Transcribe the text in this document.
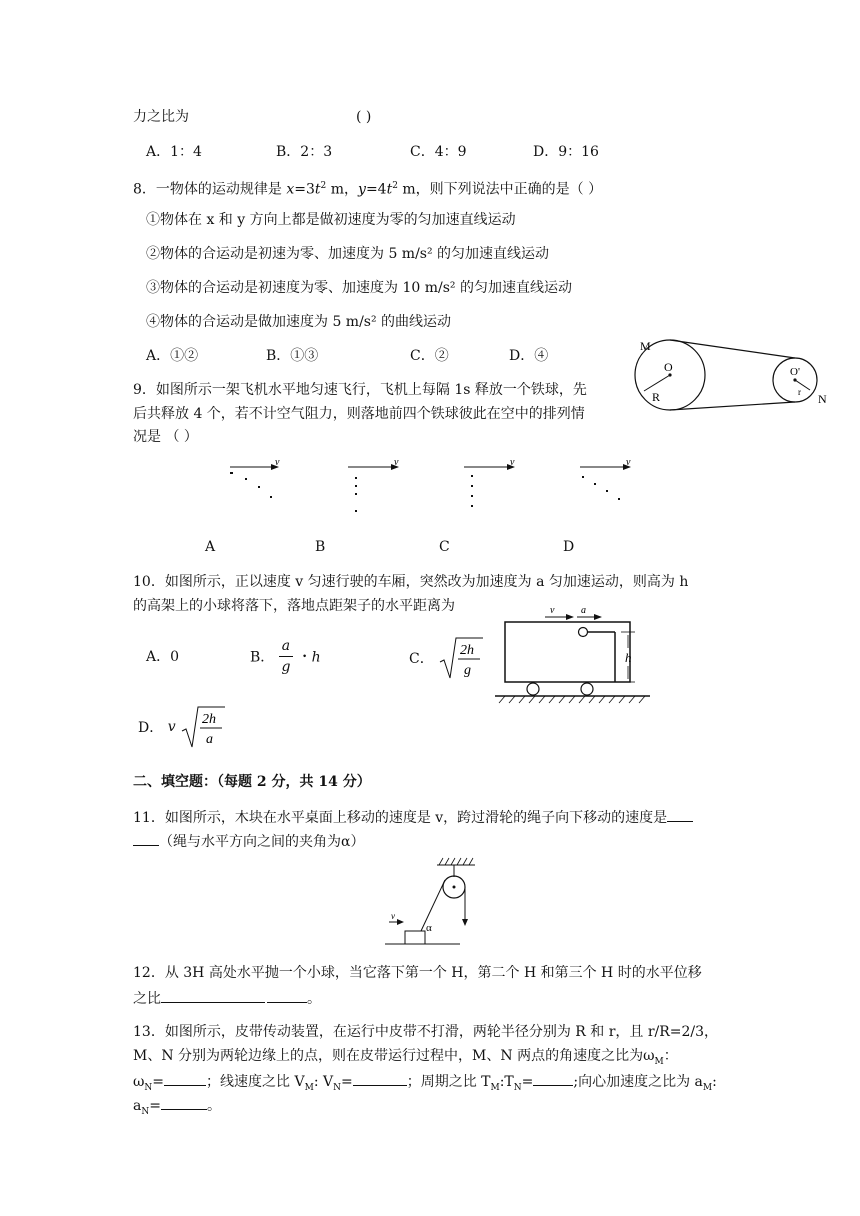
力之比为	( )
A．1：4	B．2：3	C．4：9	D．9：16
8．一物体的运动规律是 $x=3t^2$ m，$y=4t^2$ m，则下列说法中正确的是（ ）
①物体在 x 和 y 方向上都是做初速度为零的匀加速直线运动
②物体的合运动是初速为零、加速度为 5 m/s² 的匀加速直线运动
③物体的合运动是初速度为零、加速度为 10 m/s² 的匀加速直线运动
④物体的合运动是做加速度为 5 m/s² 的曲线运动
A．①②	B．①③	C．②	D．④
M
N
O	O'
R	r
9．如图所示一架飞机水平地匀速飞行，飞机上每隔 1s 释放一个铁球，先
后共释放 4 个，若不计空气阻力，则落地前四个铁球彼此在空中的排列情
况是 （ ）
v	v	v	v
A	B	C	D
10．如图所示，正以速度 v 匀速行驶的车厢，突然改为加速度为 a 匀加速运动，则高为 h
的高架上的小球将落下，落地点距架子的水平距离为
A．0	B． $\frac{a}{g}$ ・h	C．
2h
g
D． v 2h
a
v	a
h
二、填空题：（每题 2 分，共 14 分）
11．如图所示，木块在水平桌面上移动的速度是 v，跨过滑轮的绳子向下移动的速度是
（绳与水平方向之间的夹角为α）
v
α
12．从 3H 高处水平抛一个小球，当它落下第一个 H，第二个 H 和第三个 H 时的水平位移
之比	。
13．如图所示，皮带传动装置，在运行中皮带不打滑，两轮半径分别为 R 和 r，且 r/R=2/3，
M、N 分别为两轮边缘上的点，则在皮带运行过程中，M、N 两点的角速度之比为$\omega_M$：
$\omega_N=$	；线速度之比 $V_M$: $V_N=$	；周期之比 $T_M:T_N=$	;向心加速度之比为 $a_M$:
$a_N=$	。
